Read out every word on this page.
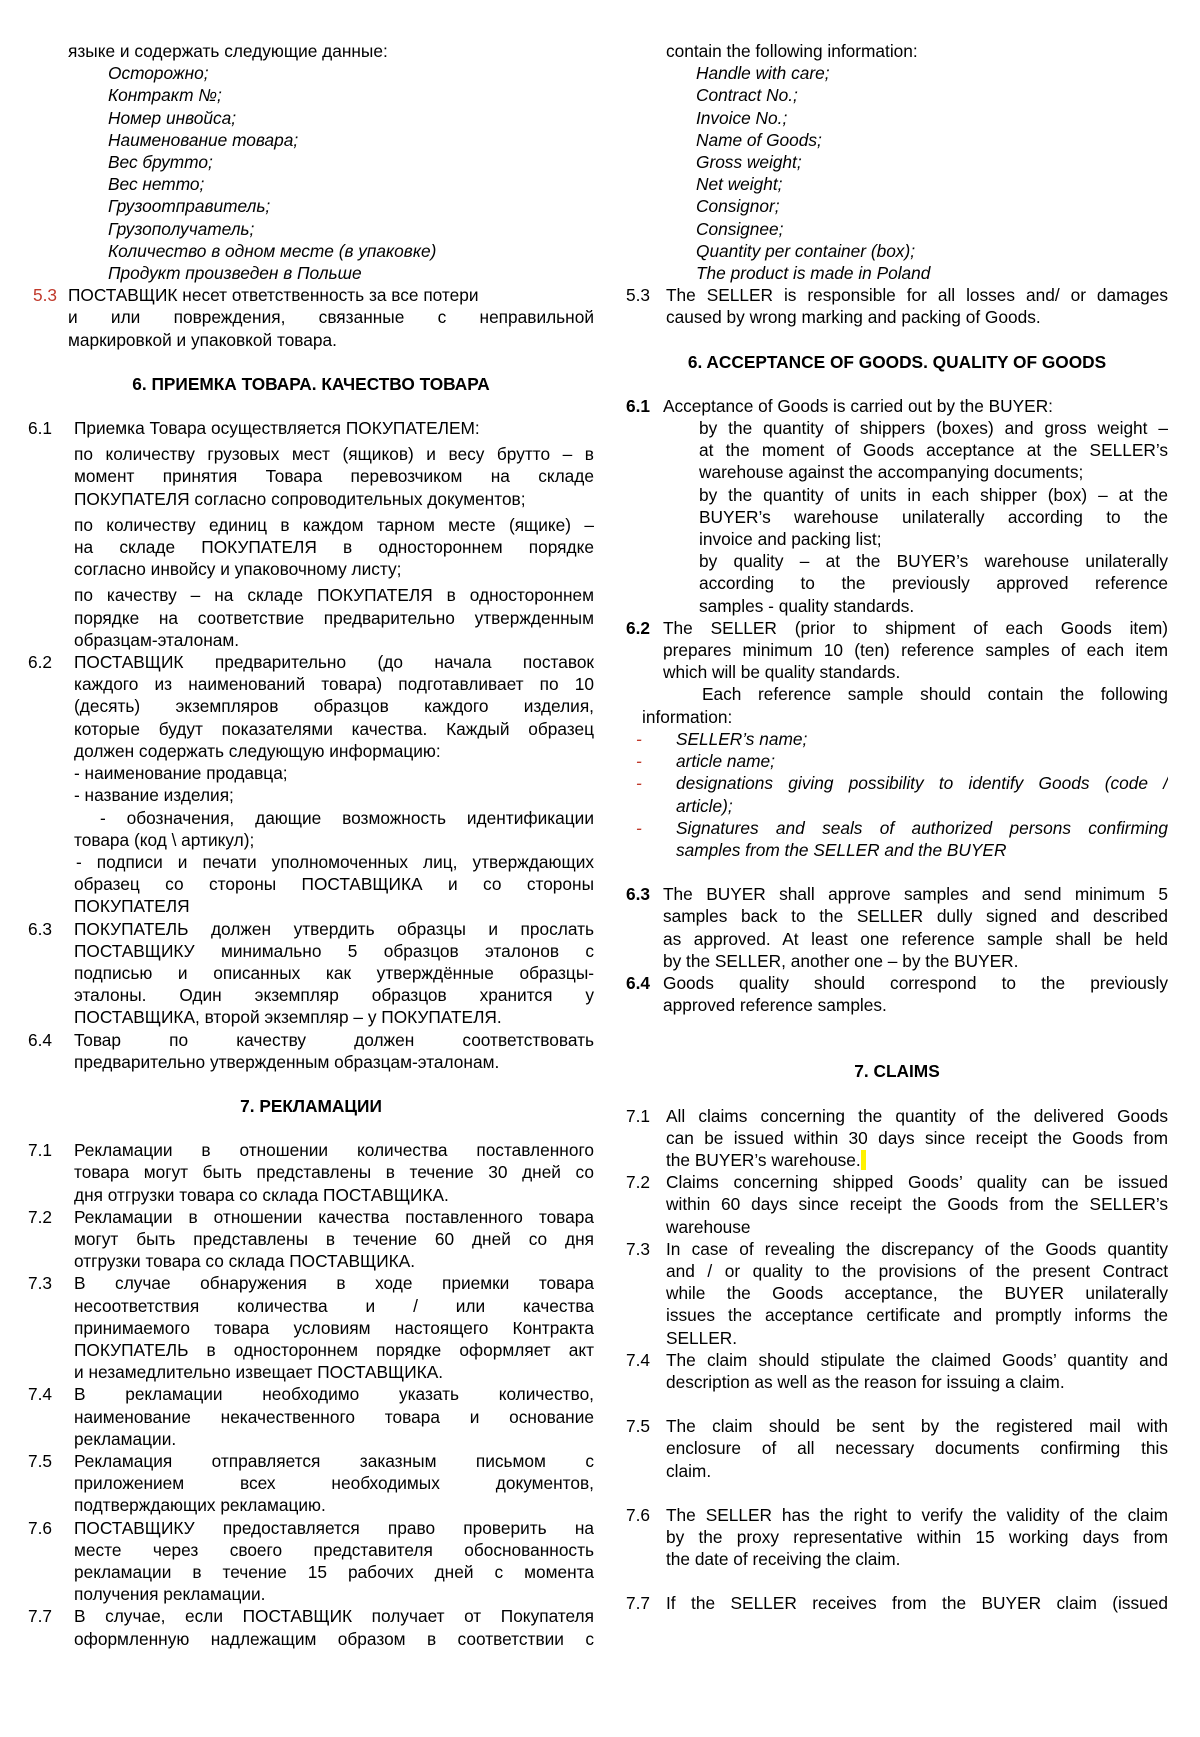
языке и содержать следующие данные:
Осторожно;
Контракт №;
Номер инвойса;
Наименование товара;
Вес брутто;
Вес нетто;
Грузоотправитель;
Грузополучатель;
Количество в одном месте (в упаковке)
Продукт произведен в Польше
5.3 ПОСТАВЩИК несет ответственность за все потери
и или повреждения, связанные с неправильной
маркировкой и упаковкой товара.
6. ПРИЕМКА ТОВАРА. КАЧЕСТВО ТОВАРА
6.1	Приемка Товара осуществляется ПОКУПАТЕЛЕМ:
по количеству грузовых мест (ящиков) и весу брутто – в
момент принятия Товара перевозчиком на складе
ПОКУПАТЕЛЯ согласно сопроводительных документов;
по количеству единиц в каждом тарном месте (ящике) –
на складе ПОКУПАТЕЛЯ в одностороннем порядке
согласно инвойсу и упаковочному листу;
по качеству – на складе ПОКУПАТЕЛЯ в одностороннем
порядке на соответствие предварительно утвержденным
образцам-эталонам.
6.2	ПОСТАВЩИК предварительно (до начала поставок
каждого из наименований товара) подготавливает по 10
(десять) экземпляров образцов каждого изделия,
которые будут показателями качества. Каждый образец
должен содержать следующую информацию:
- наименование продавца;
- название изделия;
- обозначения, дающие возможность идентификации
товара (код \ артикул);
- подписи и печати уполномоченных лиц, утверждающих
образец со стороны ПОСТАВЩИКА и со стороны
ПОКУПАТЕЛЯ
6.3	ПОКУПАТЕЛЬ должен утвердить образцы и прослать
ПОСТАВЩИКУ минимально 5 образцов эталонов с
подписью и описанных как утверждённые образцы-
эталоны. Один экземпляр образцов хранится у
ПОСТАВЩИКА, второй экземпляр – у ПОКУПАТЕЛЯ.
6.4	Товар по качеству должен соответствовать
предварительно утвержденным образцам-эталонам.
7. РЕКЛАМАЦИИ
7.1	Рекламации в отношении количества поставленного
товара могут быть представлены в течение 30 дней со
дня отгрузки товара со склада ПОСТАВЩИКА.
7.2	Рекламации в отношении качества поставленного товара
могут быть представлены в течение 60 дней со дня
отгрузки товара со склада ПОСТАВЩИКА.
7.3	В случае обнаружения в ходе приемки товара
несоответствия количества и / или качества
принимаемого товара условиям настоящего Контракта
ПОКУПАТЕЛЬ в одностороннем порядке оформляет акт
и незамедлительно извещает ПОСТАВЩИКА.
7.4	В рекламации необходимо указать количество,
наименование некачественного товара и основание
рекламации.
7.5	Рекламация отправляется заказным письмом с
приложением всех необходимых документов,
подтверждающих рекламацию.
7.6	ПОСТАВЩИКУ предоставляется право проверить на
месте через своего представителя обоснованность
рекламации в течение 15 рабочих дней с момента
получения рекламации.
7.7	В случае, если ПОСТАВЩИК получает от Покупателя
оформленную надлежащим образом в соответствии с
contain the following information:
Handle with care;
Contract No.;
Invoice No.;
Name of Goods;
Gross weight;
Net weight;
Consignor;
Consignee;
Quantity per container (box);
The product is made in Poland
5.3 The SELLER is responsible for all losses and/ or damages
caused by wrong marking and packing of Goods.
6. ACCEPTANCE OF GOODS. QUALITY OF GOODS
6.1 Acceptance of Goods is carried out by the BUYER:
by the quantity of shippers (boxes) and gross weight –
at the moment of Goods acceptance at the SELLER’s
warehouse against the accompanying documents;
by the quantity of units in each shipper (box) – at the
BUYER’s warehouse unilaterally according to the
invoice and packing list;
by quality – at the BUYER’s warehouse unilaterally
according to the previously approved reference
samples - quality standards.
6.2 The SELLER (prior to shipment of each Goods item)
prepares minimum 10 (ten) reference samples of each item
which will be quality standards.
Each reference sample should contain the following
information:
-	SELLER’s name;
-	article name;
-	designations giving possibility to identify Goods (code /
article);
-	Signatures and seals of authorized persons confirming
samples from the SELLER and the BUYER
6.3 The BUYER shall approve samples and send minimum 5
samples back to the SELLER dully signed and described
as approved. At least one reference sample shall be held
by the SELLER, another one – by the BUYER.
6.4 Goods quality should correspond to the previously
approved reference samples.
7. CLAIMS
7.1 All claims concerning the quantity of the delivered Goods
can be issued within 30 days since receipt the Goods from
the BUYER’s warehouse.
7.2 Claims concerning shipped Goods’ quality can be issued
within 60 days since receipt the Goods from the SELLER’s
warehouse
7.3 In case of revealing the discrepancy of the Goods quantity
and / or quality to the provisions of the present Contract
while the Goods acceptance, the BUYER unilaterally
issues the acceptance certificate and promptly informs the
SELLER.
7.4 The claim should stipulate the claimed Goods’ quantity and
description as well as the reason for issuing a claim.
7.5 The claim should be sent by the registered mail with
enclosure of all necessary documents confirming this
claim.
7.6 The SELLER has the right to verify the validity of the claim
by the proxy representative within 15 working days from
the date of receiving the claim.
7.7 If the SELLER receives from the BUYER claim (issued
